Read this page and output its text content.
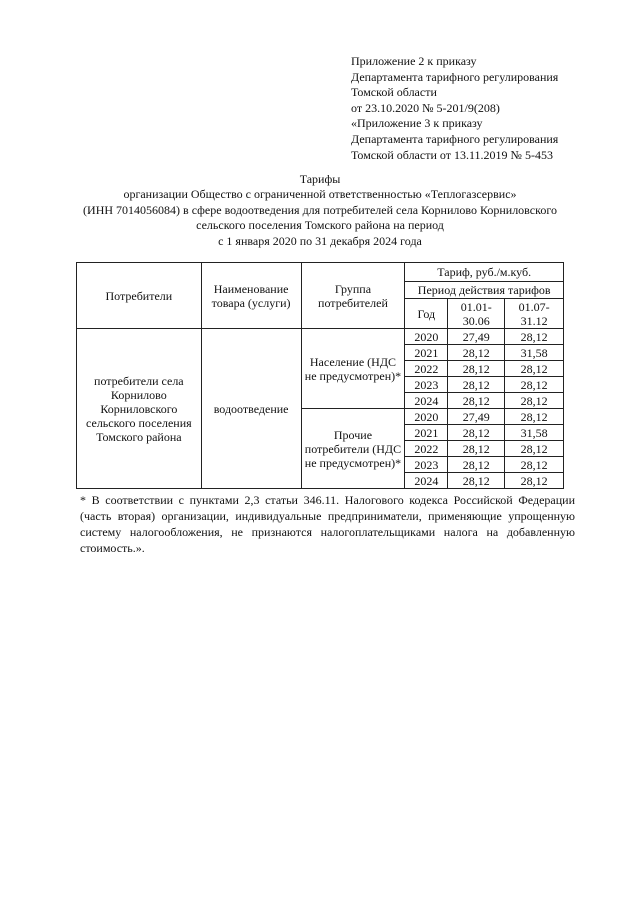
Приложение 2 к приказу
Департамента тарифного регулирования
Томской области
от 23.10.2020 № 5-201/9(208)
«Приложение 3 к приказу
Департамента тарифного регулирования
Томской области от 13.11.2019 № 5-453
Тарифы
организации Общество с ограниченной ответственностью «Теплогазсервис»
(ИНН 7014056084) в сфере водоотведения для потребителей села Корнилово Корниловского
сельского поселения Томского района на период
с 1 января 2020 по 31 декабря 2024 года
Потребители	Наименование товара (услуги)	Группа потребителей	Тариф, руб./м.куб.		
			Период действия тарифов		
			Год	01.01-30.06	01.07-31.12
потребители села Корнилово Корниловского сельского поселения Томского района	водоотведение	Население (НДС не предусмотрен)*	2020	27,49	28,12
			2021	28,12	31,58
			2022	28,12	28,12
			2023	28,12	28,12
			2024	28,12	28,12
		Прочие потребители (НДС не предусмотрен)*	2020	27,49	28,12
			2021	28,12	31,58
			2022	28,12	28,12
			2023	28,12	28,12
			2024	28,12	28,12
* В соответствии с пунктами 2,3 статьи 346.11. Налогового кодекса Российской Федерации (часть вторая) организации, индивидуальные предприниматели, применяющие упрощенную систему налогообложения, не признаются налогоплательщиками налога на добавленную стоимость.».
